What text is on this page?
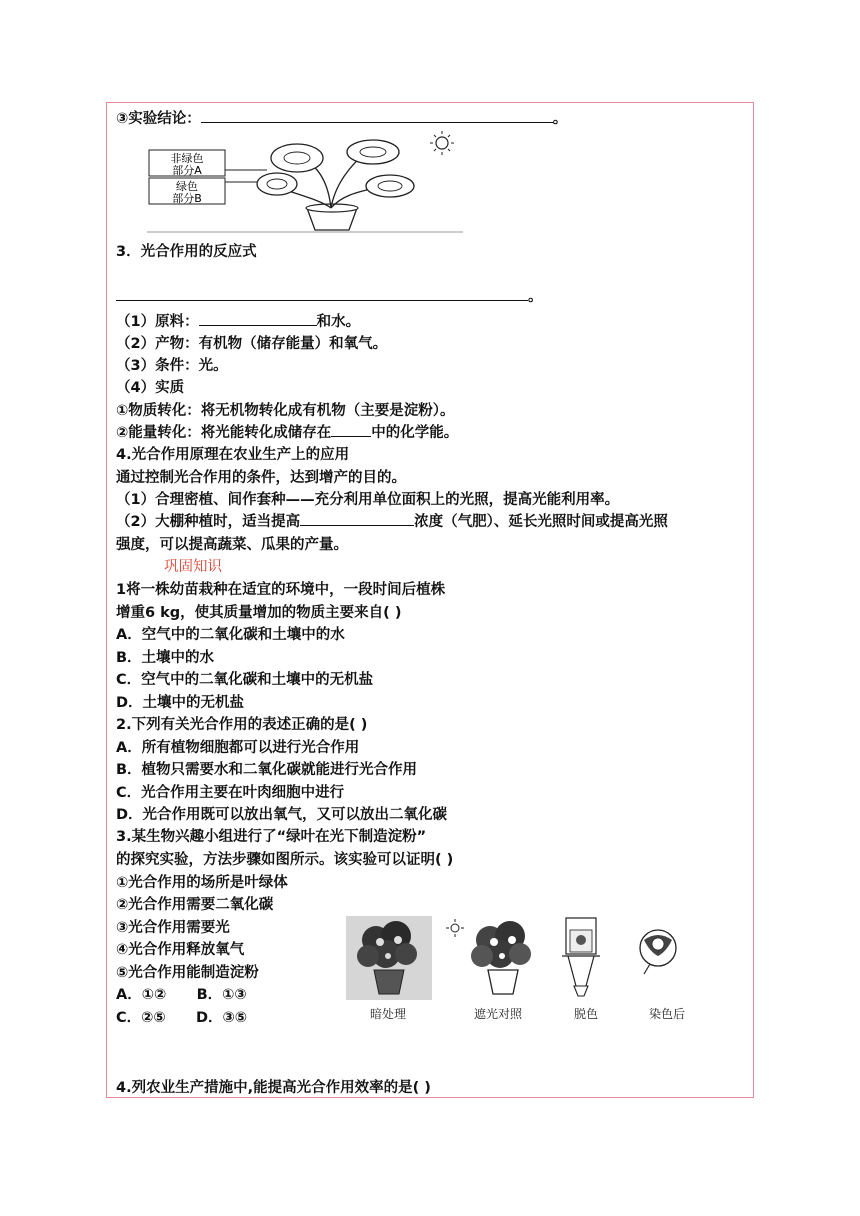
③实验结论：	。
非绿色
部分A
绿色
部分B
3．光合作用的反应式
。
（1）原料：	和水。
（2）产物：有机物（储存能量）和氧气。
（3）条件：光。
（4）实质
①物质转化：将无机物转化成有机物（主要是淀粉）。
②能量转化：将光能转化成储存在	中的化学能。
4.光合作用原理在农业生产上的应用
通过控制光合作用的条件，达到增产的目的。
（1）合理密植、间作套种——充分利用单位面积上的光照，提高光能利用率。
（2）大棚种植时，适当提高	浓度（气肥）、延长光照时间或提高光照
强度，可以提高蔬菜、瓜果的产量。
巩固知识
1将一株幼苗栽种在适宜的环境中，一段时间后植株
增重6 kg，使其质量增加的物质主要来自( )
A．空气中的二氧化碳和土壤中的水
B．土壤中的水
C．空气中的二氧化碳和土壤中的无机盐
D．土壤中的无机盐
2.下列有关光合作用的表述正确的是( )
A．所有植物细胞都可以进行光合作用
B．植物只需要水和二氧化碳就能进行光合作用
C．光合作用主要在叶肉细胞中进行
D．光合作用既可以放出氧气，又可以放出二氧化碳
3.某生物兴趣小组进行了“绿叶在光下制造淀粉”
的探究实验，方法步骤如图所示。该实验可以证明( )
①光合作用的场所是叶绿体
②光合作用需要二氧化碳
③光合作用需要光
④光合作用释放氧气
⑤光合作用能制造淀粉
A．①②      B．①③
C．②⑤      D．③⑤	暗处理	遮光对照	脱色	染色后
4.列农业生产措施中,能提高光合作用效率的是( )
